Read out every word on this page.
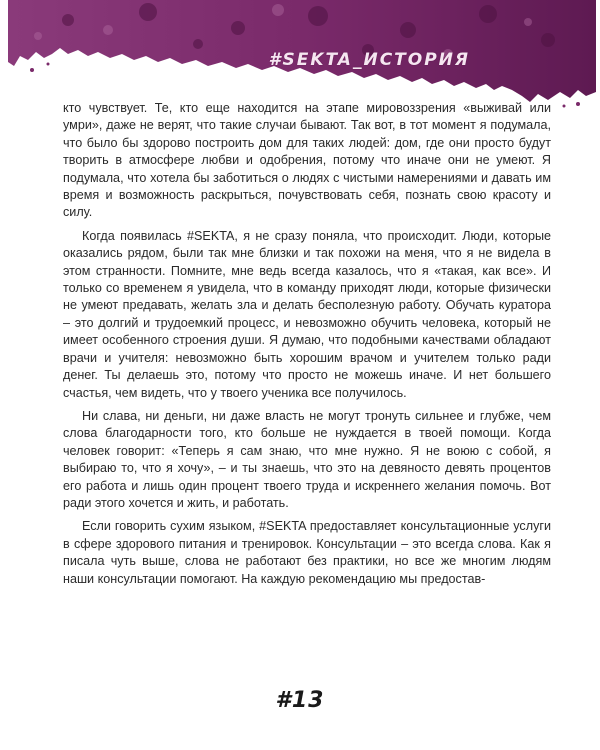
#SEKTA_ИСТОРИЯ

кто чувствует. Те, кто еще находится на этапе мировоззрения «выживай или умри», даже не верят, что такие случаи бывают. Так вот, в тот момент я подумала, что было бы здорово построить дом для таких людей: дом, где они просто будут творить в атмосфере любви и одобрения, потому что иначе они не умеют. Я подумала, что хотела бы заботиться о людях с чистыми намерениями и давать им время и возможность раскрыться, почувствовать себя, познать свою красоту и силу.

Когда появилась #SEKTA, я не сразу поняла, что происходит. Люди, которые оказались рядом, были так мне близки и так похожи на меня, что я не видела в этом странности. Помните, мне ведь всегда казалось, что я «такая, как все». И только со временем я увидела, что в команду приходят люди, которые физически не умеют предавать, желать зла и делать бесполезную работу. Обучать куратора – это долгий и трудоемкий процесс, и невозможно обучить человека, который не имеет особенного строения души. Я думаю, что подобными качествами обладают врачи и учителя: невозможно быть хорошим врачом и учителем только ради денег. Ты делаешь это, потому что просто не можешь иначе. И нет большего счастья, чем видеть, что у твоего ученика все получилось.

Ни слава, ни деньги, ни даже власть не могут тронуть сильнее и глубже, чем слова благодарности того, кто больше не нуждается в твоей помощи. Когда человек говорит: «Теперь я сам знаю, что мне нужно. Я не воюю с собой, я выбираю то, что я хочу», – и ты знаешь, что это на девяносто девять процентов его работа и лишь один процент твоего труда и искреннего желания помочь. Вот ради этого хочется и жить, и работать.

Если говорить сухим языком, #SEKTA предоставляет консультационные услуги в сфере здорового питания и тренировок. Консультации – это всегда слова. Как я писала чуть выше, слова не работают без практики, но все же многим людям наши консультации помогают. На каждую рекомендацию мы предостав-

#13
